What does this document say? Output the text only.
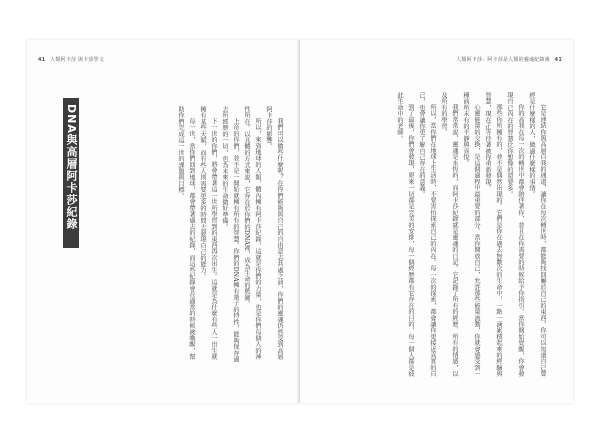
41 人類阿卡莎 與卡莎學文
DNA與高層阿卡莎紀錄	我們可以做些什麼呢？在你們能夠與自己的自由意志共處之前，你們的靈魂仍然受到高層阿卡莎的影響。

所以，來到地球的人類，體內擁有阿卡莎紀錄，這就是你們的力量，也是你們每個人的神性所在。以具體的方式來說，它存在於你們的DNA裡，成為生命的藍圖。

上帝的你們，並不是一開始就擁有所有的智慧。你們的DNA擁有量子的特性，能夠保存過去所經歷的一切，也為未來的生命做好準備。

下一世的你們，將會帶著這一世所學習到的東西再次出生。這就是為什麼有些人一出生就擁有某些天賦，而有些人則需要更多的時間去發現自己的能力。

每一世，當你們回到地球，都會帶著過去的紀錄，而這些紀錄會在適當的時候被喚醒，幫助你們完成這一世的課題與目標。

人類阿卡莎：阿卡莎是人類的靈魂紀錄簿 41

它是連結你與高層自我的通道，讓你在每次轉世時，都能夠找回屬於自己的東西。你可以知道自己曾經是什麼樣的人，做過什麼樣的事情。

你的高我在每一次的轉世中都會陪伴著你，並且在你需要的時候給予你指引。當你開始覺醒，你會發現自己內在的智慧比你想像的還要多。

那些你所擁有的，並不是偶然出現的。它們是你在過去無數次的生命中，一點一滴累積起來的經驗與智慧，現在正等待著被你重新發現。

心靈能量的交換，是這個過程中最重要的部分。當你開放自己，允許那些能量流動，你就會感受到一種前所未有的平靜與喜悅。

我們常常說，靈魂是永恆的，而阿卡莎紀錄就是靈魂的日記。它記錄了所有的經歷、所有的情感，以及所有的學習。

所以，當你們在地球上生活時，不要害怕探索自己的內在。每一次的探索，都會讓你更接近真實的自己，也會讓你更了解自己存在的意義。

到了最後，你們會發現，原來一切都是完美的安排，每一個經歷都有它存在的目的，每一個人都是彼此生命中的老師。
